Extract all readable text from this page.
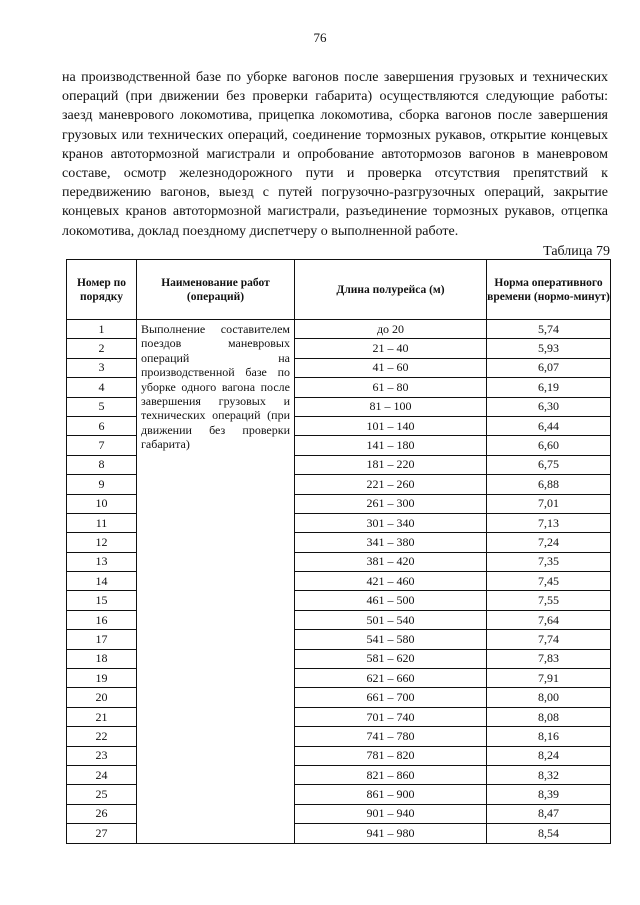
76

на производственной базе по уборке вагонов после завершения грузовых и технических операций (при движении без проверки габарита) осуществляются следующие работы: заезд маневрового локомотива, прицепка локомотива, сборка вагонов после завершения грузовых или технических операций, соединение тормозных рукавов, открытие концевых кранов автотормозной магистрали и опробование автотормозов вагонов в маневровом составе, осмотр железнодорожного пути и проверка отсутствия препятствий к передвижению вагонов, выезд с путей погрузочно-разгрузочных операций, закрытие концевых кранов автотормозной магистрали, разъединение тормозных рукавов, отцепка локомотива, доклад поездному диспетчеру о выполненной работе.

Таблица 79
Номер по порядку	Наименование работ (операций)	Длина полурейса (м)	Норма оперативного времени (нормо-минут)
1	Выполнение составителем поездов маневровых операций на производственной базе по уборке одного вагона после завершения грузовых и технических операций (при движении без проверки габарита)	до 20	5,74
2		21 – 40	5,93
3		41 – 60	6,07
4		61 – 80	6,19
5		81 – 100	6,30
6		101 – 140	6,44
7		141 – 180	6,60
8		181 – 220	6,75
9		221 – 260	6,88
10		261 – 300	7,01
11		301 – 340	7,13
12		341 – 380	7,24
13		381 – 420	7,35
14		421 – 460	7,45
15		461 – 500	7,55
16		501 – 540	7,64
17		541 – 580	7,74
18		581 – 620	7,83
19		621 – 660	7,91
20		661 – 700	8,00
21		701 – 740	8,08
22		741 – 780	8,16
23		781 – 820	8,24
24		821 – 860	8,32
25		861 – 900	8,39
26		901 – 940	8,47
27		941 – 980	8,54
